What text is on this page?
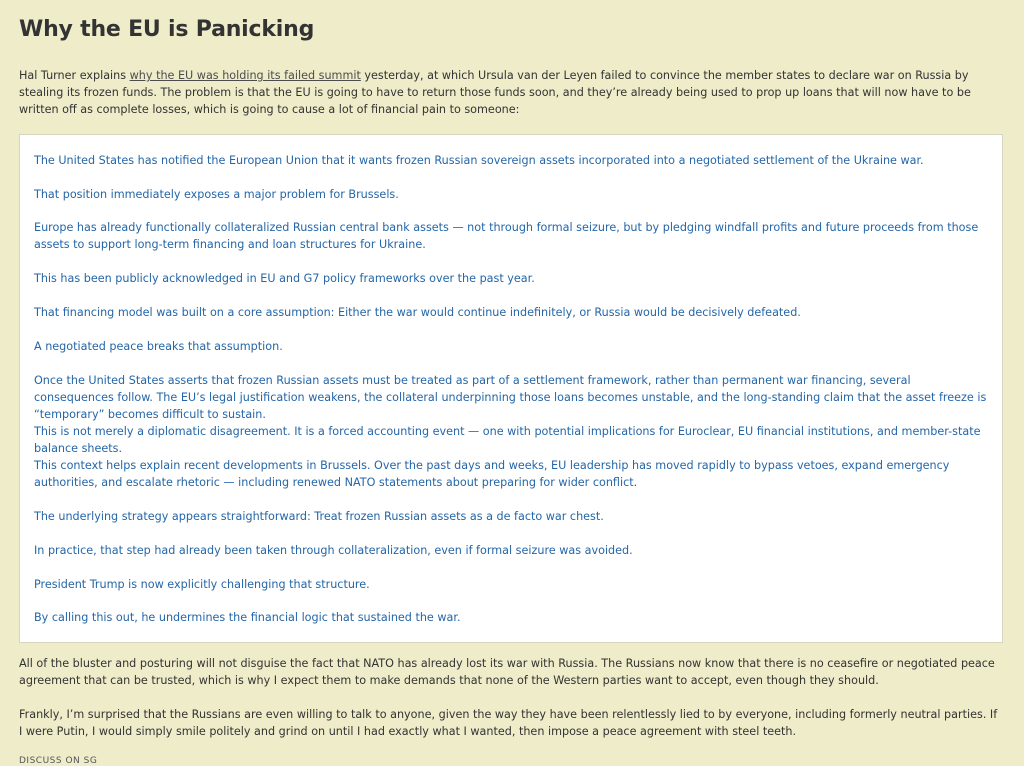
Why the EU is Panicking

Hal Turner explains why the EU was holding its failed summit yesterday, at which Ursula van der Leyen failed to convince the member states to declare war on Russia by stealing its frozen funds. The problem is that the EU is going to have to return those funds soon, and they’re already being used to prop up loans that will now have to be written off as complete losses, which is going to cause a lot of financial pain to someone:

The United States has notified the European Union that it wants frozen Russian sovereign assets incorporated into a negotiated settlement of the Ukraine war.

That position immediately exposes a major problem for Brussels.

Europe has already functionally collateralized Russian central bank assets — not through formal seizure, but by pledging windfall profits and future proceeds from those assets to support long-term financing and loan structures for Ukraine.

This has been publicly acknowledged in EU and G7 policy frameworks over the past year.

That financing model was built on a core assumption: Either the war would continue indefinitely, or Russia would be decisively defeated.

A negotiated peace breaks that assumption.

Once the United States asserts that frozen Russian assets must be treated as part of a settlement framework, rather than permanent war financing, several consequences follow. The EU’s legal justification weakens, the collateral underpinning those loans becomes unstable, and the long-standing claim that the asset freeze is “temporary” becomes difficult to sustain.

This is not merely a diplomatic disagreement. It is a forced accounting event — one with potential implications for Euroclear, EU financial institutions, and member-state balance sheets.

This context helps explain recent developments in Brussels. Over the past days and weeks, EU leadership has moved rapidly to bypass vetoes, expand emergency authorities, and escalate rhetoric — including renewed NATO statements about preparing for wider conflict.

The underlying strategy appears straightforward: Treat frozen Russian assets as a de facto war chest.

In practice, that step had already been taken through collateralization, even if formal seizure was avoided.

President Trump is now explicitly challenging that structure.

By calling this out, he undermines the financial logic that sustained the war.

All of the bluster and posturing will not disguise the fact that NATO has already lost its war with Russia. The Russians now know that there is no ceasefire or negotiated peace agreement that can be trusted, which is why I expect them to make demands that none of the Western parties want to accept, even though they should.

Frankly, I’m surprised that the Russians are even willing to talk to anyone, given the way they have been relentlessly lied to by everyone, including formerly neutral parties. If I were Putin, I would simply smile politely and grind on until I had exactly what I wanted, then impose a peace agreement with steel teeth.

DISCUSS ON SG
